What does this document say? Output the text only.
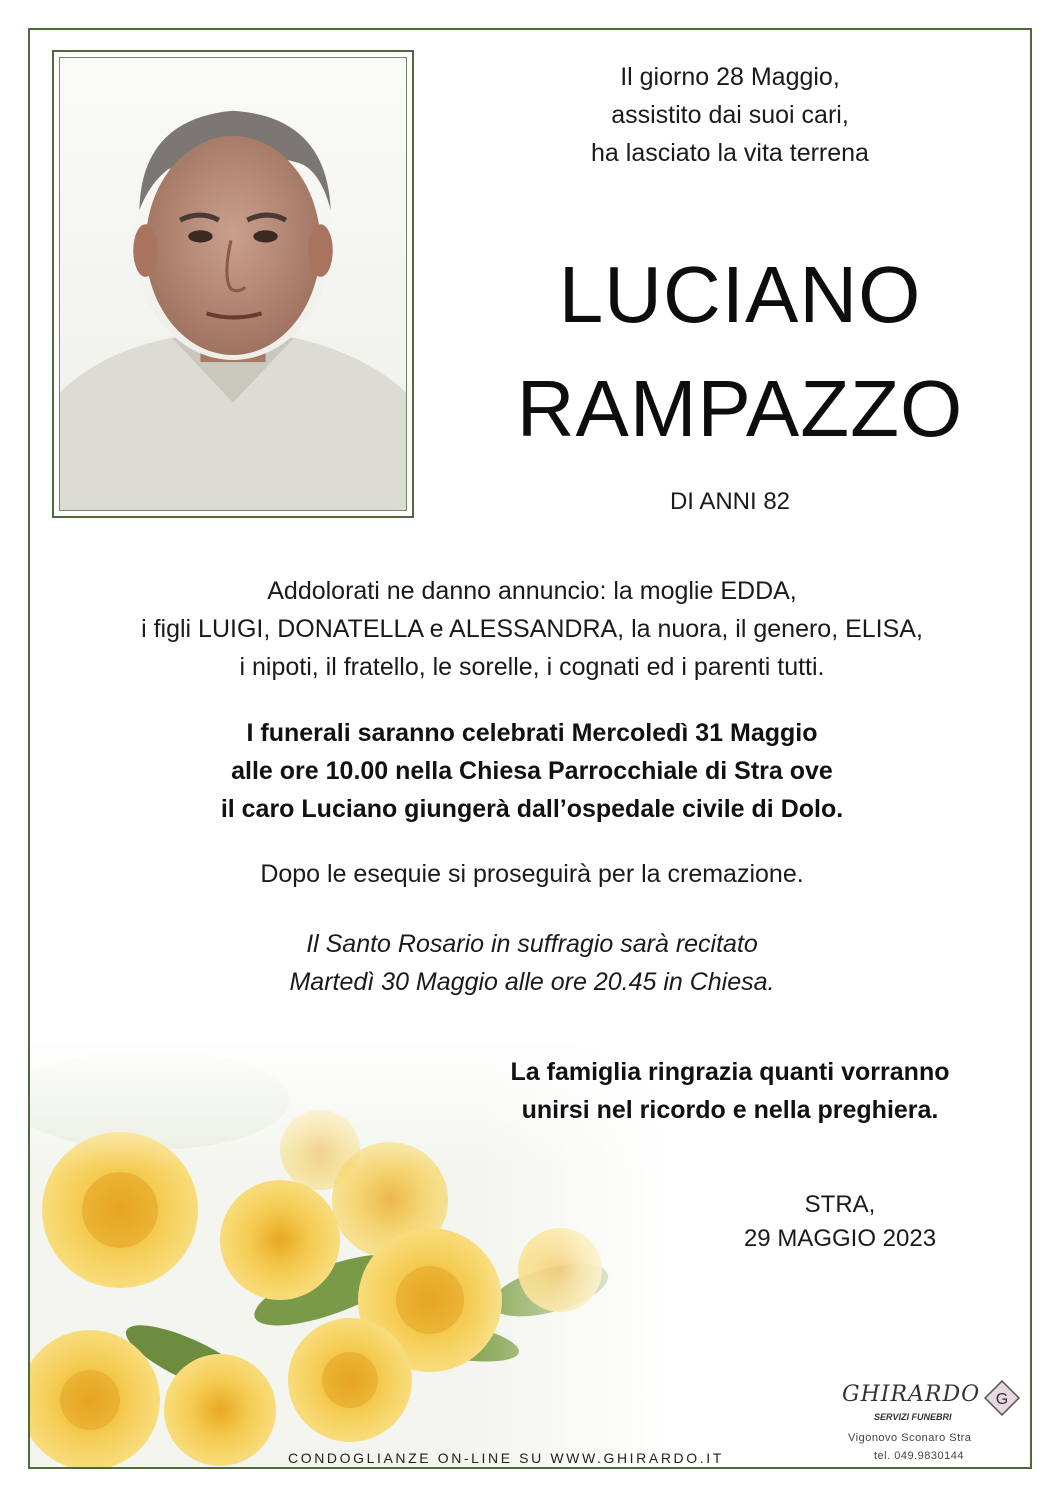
Il giorno 28 Maggio,
assistito dai suoi cari,
ha lasciato la vita terrena
LUCIANO
RAMPAZZO
DI ANNI 82
Addolorati ne danno annuncio: la moglie EDDA,
i figli LUIGI, DONATELLA e ALESSANDRA, la nuora, il genero, ELISA,
i nipoti, il fratello, le sorelle, i cognati ed i parenti tutti.
I funerali saranno celebrati Mercoledì 31 Maggio
alle ore 10.00 nella Chiesa Parrocchiale di Stra ove
il caro Luciano giungerà dall’ospedale civile di Dolo.
Dopo le esequie si proseguirà per la cremazione.
Il Santo Rosario in suffragio sarà recitato
Martedì 30 Maggio alle ore 20.45 in Chiesa.
La famiglia ringrazia quanti vorranno
unirsi nel ricordo e nella preghiera.
STRA,
29 MAGGIO 2023
CONDOGLIANZE ON-LINE SU WWW.GHIRARDO.IT
GHIRARDO
SERVIZI FUNEBRI
G
Vigonovo Sconaro Stra
tel. 049.9830144
